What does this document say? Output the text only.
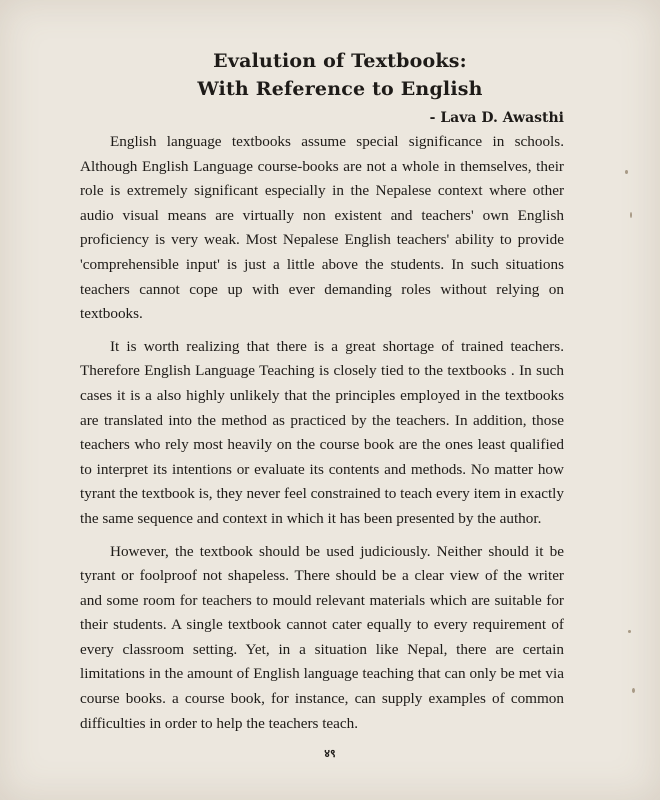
Evalution of Textbooks:
With Reference to English

- Lava D. Awasthi

English language textbooks assume special significance in schools. Although English Language course-books are not a whole in themselves, their role is extremely significant especially in the Nepalese context where other audio visual means are virtually non existent and teachers' own English proficiency is very weak. Most Nepalese English teachers' ability to provide 'comprehensible input' is just a little above the students. In such situations teachers cannot cope up with ever demanding roles without relying on textbooks.

It is worth realizing that there is a great shortage of trained teachers. Therefore English Language Teaching is closely tied to the textbooks . In such cases it is a also highly unlikely that the principles employed in the textbooks are translated into the method as practiced by the teachers. In addition, those teachers who rely most heavily on the course book are the ones least qualified to interpret its intentions or evaluate its contents and methods. No matter how tyrant the textbook is, they never feel constrained to teach every item in exactly the same sequence and context in which it has been presented by the author.

However, the textbook should be used judiciously. Neither should it be tyrant or foolproof not shapeless. There should be a clear view of the writer and some room for teachers to mould relevant materials which are suitable for their students. A single textbook cannot cater equally to every requirement of every classroom setting. Yet, in a situation like Nepal, there are certain limitations in the amount of English language teaching that can only be met via course books. a course book, for instance, can supply examples of common difficulties in order to help the teachers teach.

४९
